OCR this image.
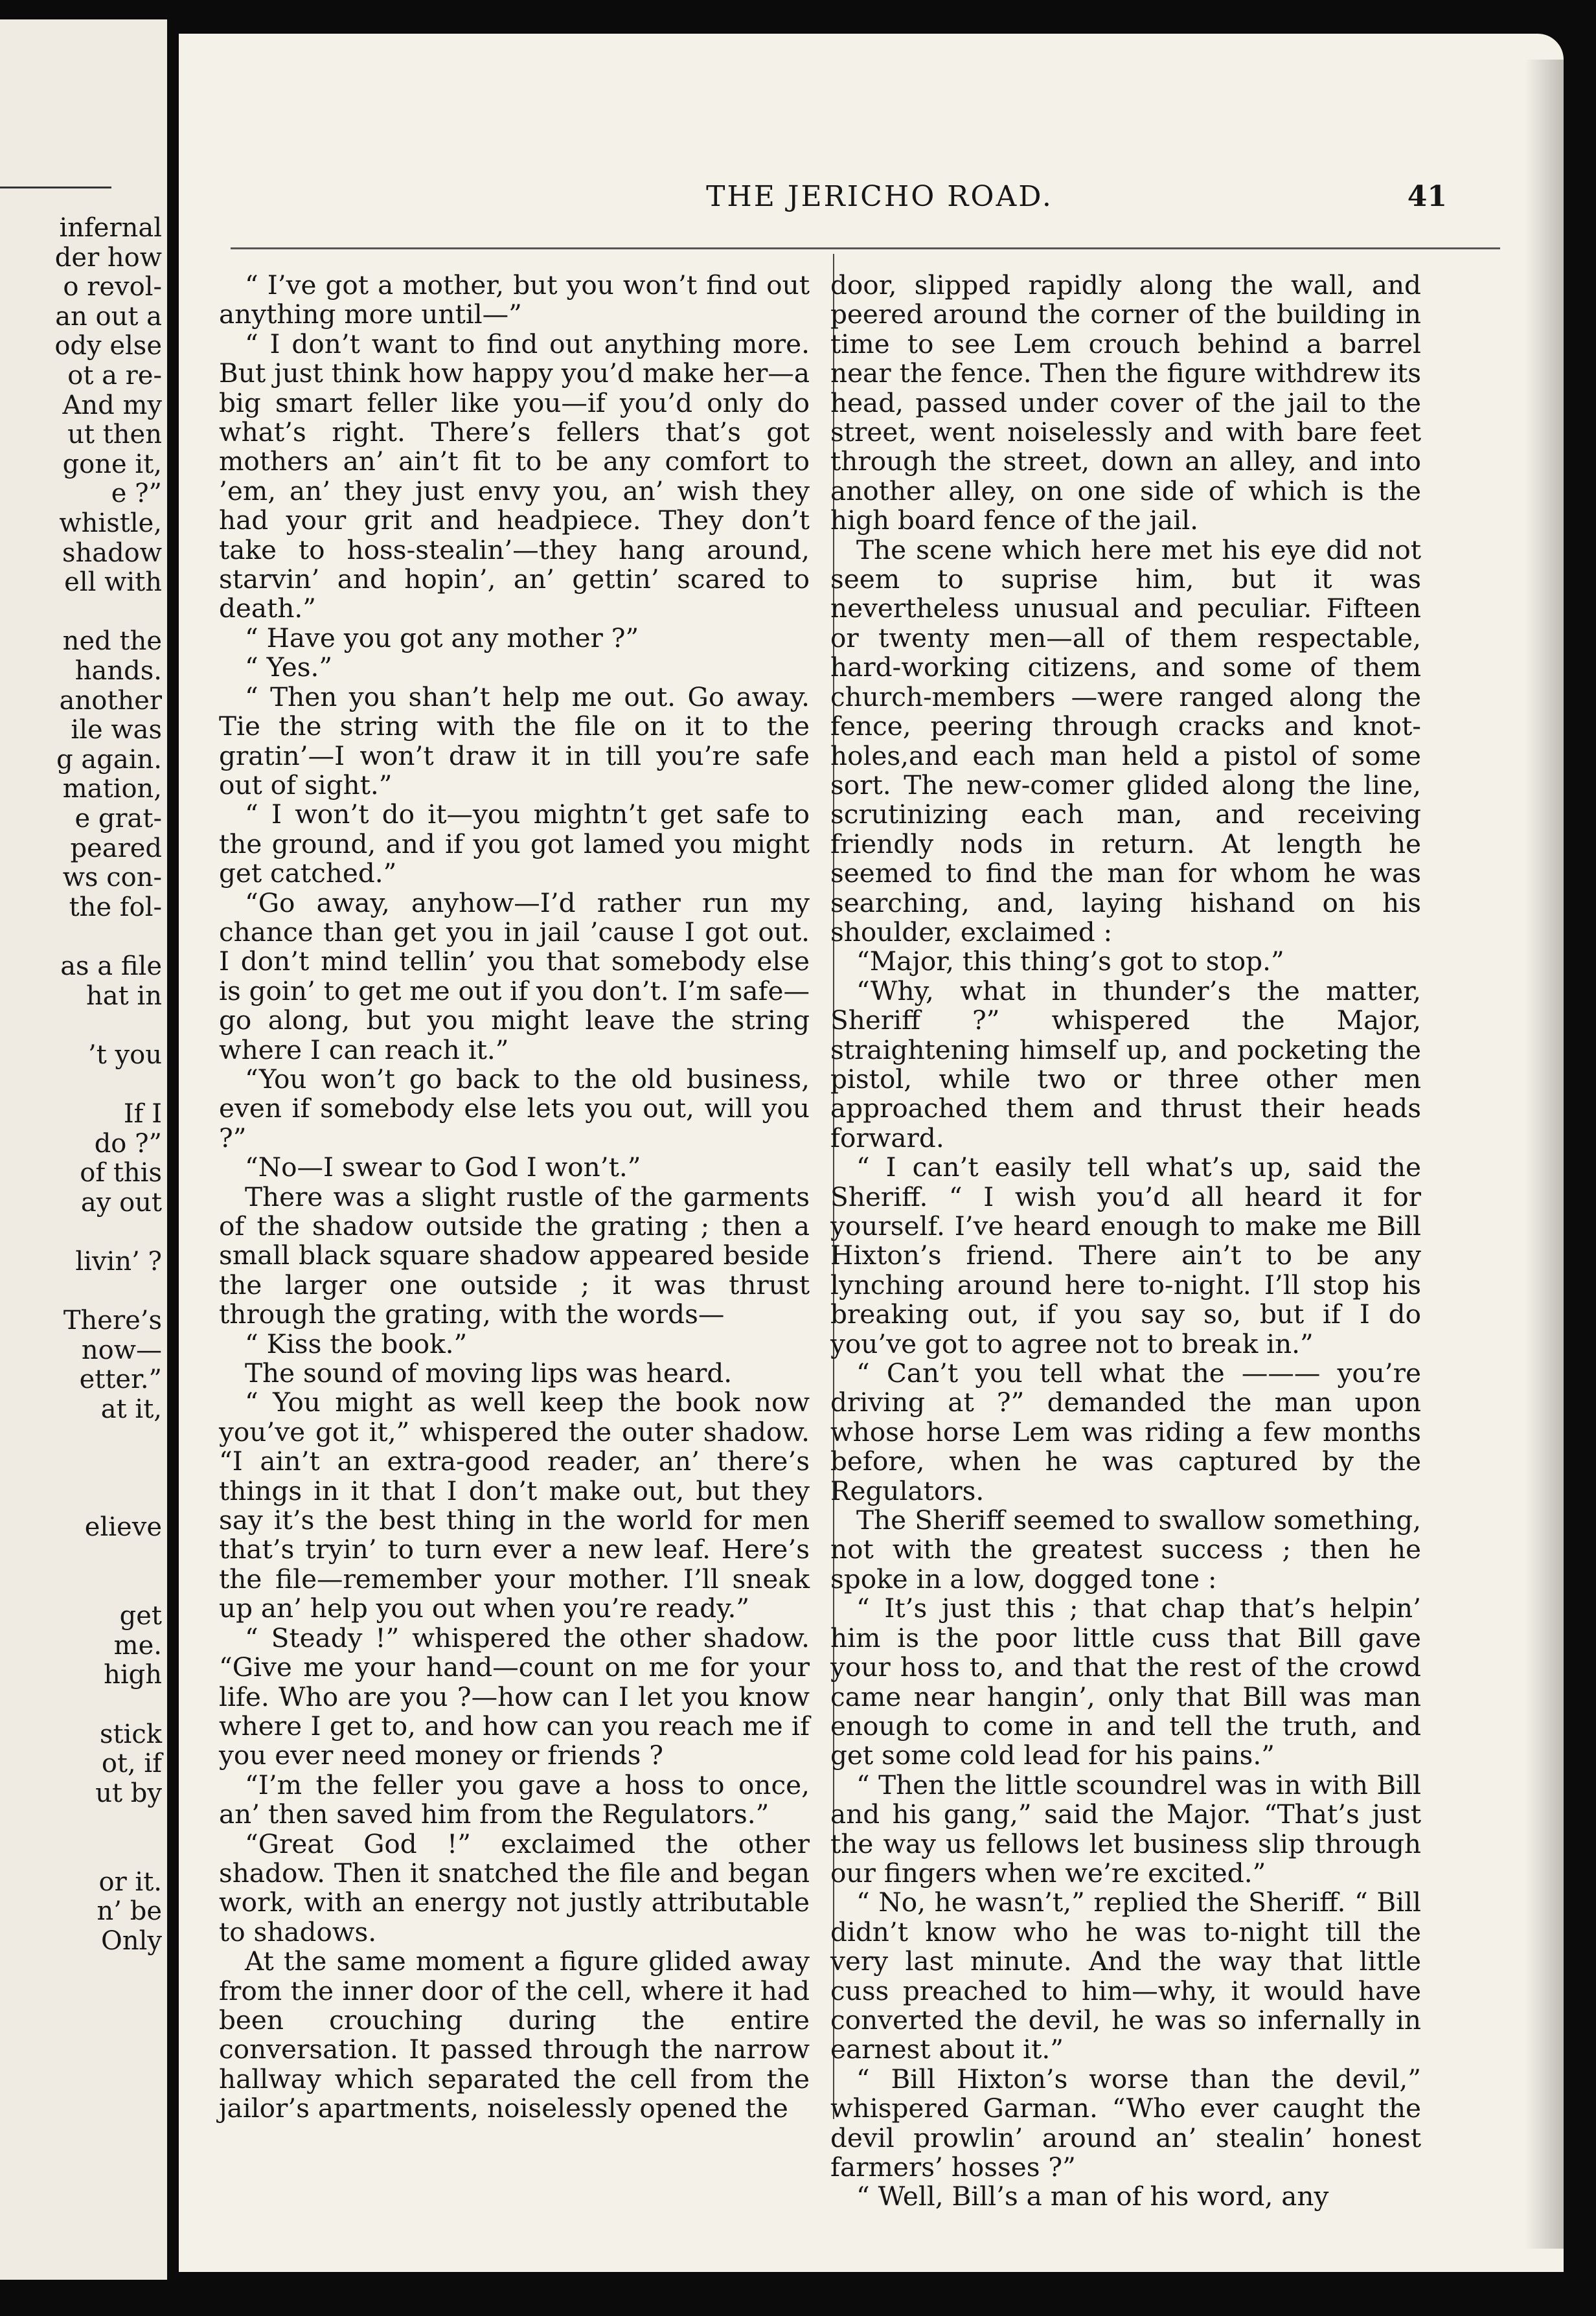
infernal
der how
o revol-
an out a
ody else
ot a re-
And my
ut then
gone it,
e ?”
whistle,
shadow
ell with
ned the
hands.
another
ile was
g again.
mation,
e grat-
peared
ws con-
the fol-
as a file
hat in
’t you
If I
do ?”
of this
ay out
livin’ ?
There’s
now—
etter.”
at it,
elieve
get
me.
high
stick
ot, if
ut by
or it.
n’ be
Only
THE JERICHO ROAD.	41

“ I’ve got a mother, but you won’t find out anything more until—”

“ I don’t want to find out anything more. But just think how happy you’d make her—a big smart feller like you—if you’d only do what’s right. There’s fellers that’s got mothers an’ ain’t fit to be any comfort to ’em, an’ they just envy you, an’ wish they had your grit and headpiece. They don’t take to hoss-stealin’—they hang around, starvin’ and hopin’, an’ gettin’ scared to death.”

“ Have you got any mother ?”

“ Yes.”

“ Then you shan’t help me out. Go away. Tie the string with the file on it to the gratin’—I won’t draw it in till you’re safe out of sight.”

“ I won’t do it—you mightn’t get safe to the ground, and if you got lamed you might get catched.”

“Go away, anyhow—I’d rather run my chance than get you in jail ’cause I got out. I don’t mind tellin’ you that somebody else is goin’ to get me out if you don’t. I’m safe—go along, but you might leave the string where I can reach it.”

“You won’t go back to the old business, even if somebody else lets you out, will you ?”

“No—I swear to God I won’t.”

There was a slight rustle of the garments of the shadow outside the grating ; then a small black square shadow appeared beside the larger one outside ; it was thrust through the grating, with the words—

“ Kiss the book.”

The sound of moving lips was heard.

“ You might as well keep the book now you’ve got it,” whispered the outer shadow. “I ain’t an extra-good reader, an’ there’s things in it that I don’t make out, but they say it’s the best thing in the world for men that’s tryin’ to turn ever a new leaf. Here’s the file—remember your mother. I’ll sneak up an’ help you out when you’re ready.”

“ Steady !” whispered the other shadow. “Give me your hand—count on me for your life. Who are you ?—how can I let you know where I get to, and how can you reach me if you ever need money or friends ?

“I’m the feller you gave a hoss to once, an’ then saved him from the Regulators.”

“Great God !” exclaimed the other shadow. Then it snatched the file and began work, with an energy not justly attributable to shadows.

At the same moment a figure glided away from the inner door of the cell, where it had been crouching during the entire conversation. It passed through the narrow hallway which separated the cell from the jailor’s apartments, noiselessly opened the

door, slipped rapidly along the wall, and peered around the corner of the building in time to see Lem crouch behind a barrel near the fence. Then the figure withdrew its head, passed under cover of the jail to the street, went noiselessly and with bare feet through the street, down an alley, and into another alley, on one side of which is the high board fence of the jail.

The scene which here met his eye did not seem to suprise him, but it was nevertheless unusual and peculiar. Fifteen or twenty men—all of them respectable, hard-working citizens, and some of them church-members —were ranged along the fence, peering through cracks and knot-holes,and each man held a pistol of some sort. The new-comer glided along the line, scrutinizing each man, and receiving friendly nods in return. At length he seemed to find the man for whom he was searching, and, laying hishand on his shoulder, exclaimed :

“Major, this thing’s got to stop.”

“Why, what in thunder’s the matter, Sheriff ?” whispered the Major, straightening himself up, and pocketing the pistol, while two or three other men approached them and thrust their heads forward.

“ I can’t easily tell what’s up, said the Sheriff. “ I wish you’d all heard it for yourself. I’ve heard enough to make me Bill Hixton’s friend. There ain’t to be any lynching around here to-night. I’ll stop his breaking out, if you say so, but if I do you’ve got to agree not to break in.”

“ Can’t you tell what the ——— you’re driving at ?” demanded the man upon whose horse Lem was riding a few months before, when he was captured by the Regulators.

The Sheriff seemed to swallow something, not with the greatest success ; then he spoke in a low, dogged tone :

“ It’s just this ; that chap that’s helpin’ him is the poor little cuss that Bill gave your hoss to, and that the rest of the crowd came near hangin’, only that Bill was man enough to come in and tell the truth, and get some cold lead for his pains.”

“ Then the little scoundrel was in with Bill and his gang,” said the Major. “That’s just the way us fellows let business slip through our fingers when we’re excited.”

“ No, he wasn’t,” replied the Sheriff. “ Bill didn’t know who he was to-night till the very last minute. And the way that little cuss preached to him—why, it would have converted the devil, he was so infernally in earnest about it.”

“ Bill Hixton’s worse than the devil,” whispered Garman. “Who ever caught the devil prowlin’ around an’ stealin’ honest farmers’ hosses ?”

“ Well, Bill’s a man of his word, any
